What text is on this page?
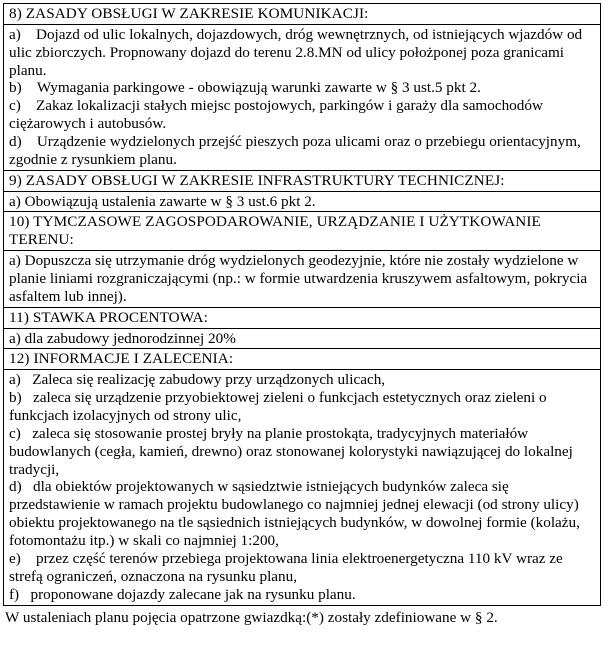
8) ZASADY OBSŁUGI W ZAKRESIE KOMUNIKACJI:

a) Dojazd od ulic lokalnych, dojazdowych, dróg wewnętrznych, od istniejących wjazdów od ulic zbiorczych. Propnowany dojazd do terenu 2.8.MN od ulicy położponej poza granicami planu.

b) Wymagania parkingowe - obowiązują warunki zawarte w § 3 ust.5 pkt 2.

c) Zakaz lokalizacji stałych miejsc postojowych, parkingów i garaży dla samochodów ciężarowych i autobusów.

d) Urządzenie wydzielonych przejść pieszych poza ulicami oraz o przebiegu orientacyjnym, zgodnie z rysunkiem planu.

9) ZASADY OBSŁUGI W ZAKRESIE INFRASTRUKTURY TECHNICZNEJ:

a) Obowiązują ustalenia zawarte w § 3 ust.6 pkt 2.

10) TYMCZASOWE ZAGOSPODAROWANIE, URZĄDZANIE I UŻYTKOWANIE TERENU:

a) Dopuszcza się utrzymanie dróg wydzielonych geodezyjnie, które nie zostały wydzielone w planie liniami rozgraniczającymi (np.: w formie utwardzenia kruszywem asfaltowym, pokrycia asfaltem lub innej).

11) STAWKA PROCENTOWA:

a) dla zabudowy jednorodzinnej 20%

12) INFORMACJE I ZALECENIA:

a)  Zaleca się realizację zabudowy przy urządzonych ulicach,

b)  zaleca się urządzenie przyobiektowej zieleni o funkcjach estetycznych oraz zieleni o funkcjach izolacyjnych od strony ulic,

c)  zaleca się stosowanie prostej bryły na planie prostokąta, tradycyjnych materiałów budowlanych (cegła, kamień, drewno) oraz stonowanej kolorystyki nawiązującej do lokalnej tradycji,

d)  dla obiektów projektowanych w sąsiedztwie istniejących budynków zaleca się przedstawienie w ramach projektu budowlanego co najmniej jednej elewacji (od strony ulicy) obiektu projektowanego na tle sąsiednich istniejących budynków, w dowolnej formie (kolażu, fotomontażu itp.) w skali co najmniej 1:200,

e) przez część terenów przebiega projektowana linia elektroenergetyczna 110 kV wraz ze strefą ograniczeń, oznaczona na rysunku planu,

f)  proponowane dojazdy zalecane jak na rysunku planu.

W ustaleniach planu pojęcia opatrzone gwiazdką:(*) zostały zdefiniowane w § 2.
